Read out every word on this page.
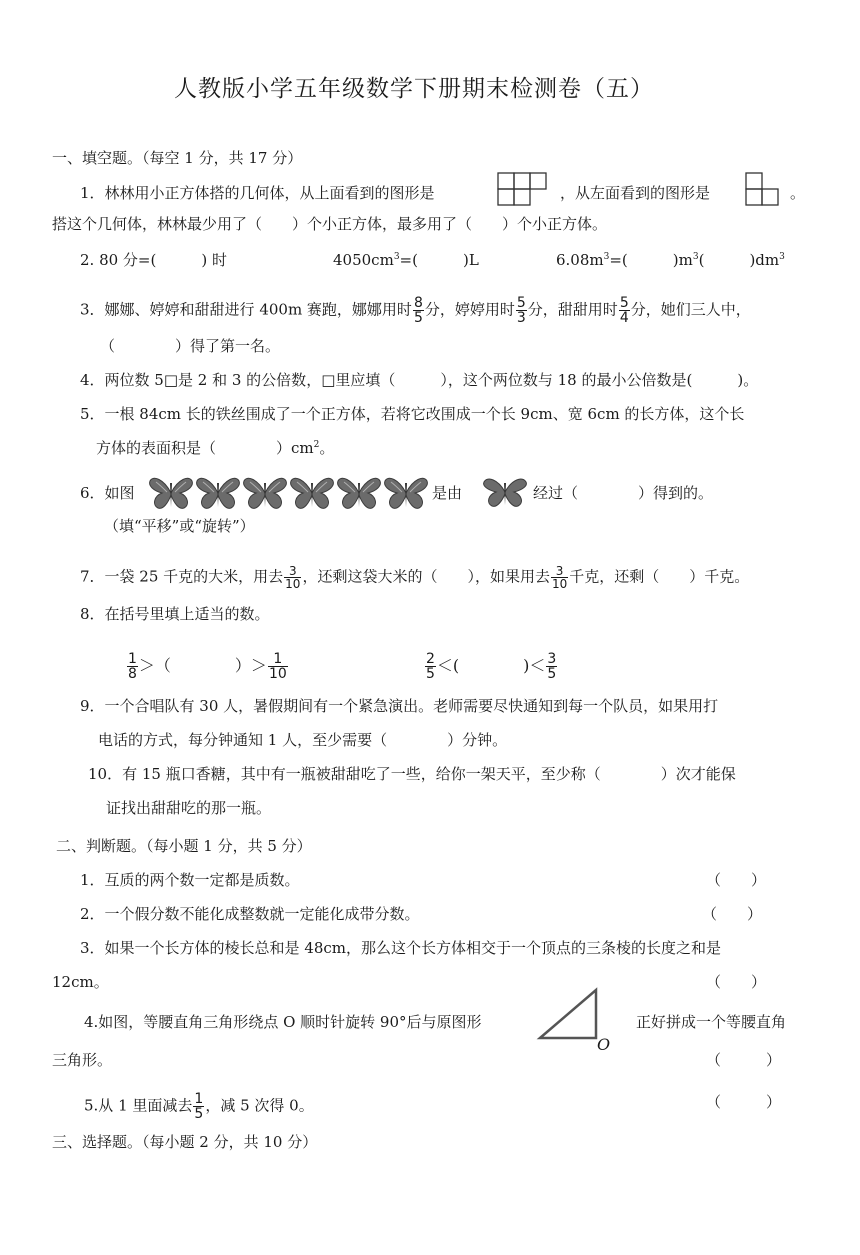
人教版小学五年级数学下册期末检测卷（五）
一、填空题。（每空 1 分，共 17 分）
1．林林用小正方体搭的几何体，从上面看到的图形是	，从左面看到的图形是	。
搭这个几何体，林林最少用了（　　）个小正方体，最多用了（　　）个小正方体。
2. 80 分=(　　　) 时	$4050cm^3=$(　　　)L	$6.08m^3=$(　　　)$m^3$(　　　)$dm^3$
3．娜娜、婷婷和甜甜进行 400m 赛跑，娜娜用时 $\frac{8}{5}$ 分，婷婷用时 $\frac{5}{3}$ 分，甜甜用时 $\frac{5}{4}$ 分，她们三人中，
（　　　　）得了第一名。
4．两位数 5□是 2 和 3 的公倍数，□里应填（　　　），这个两位数与 18 的最小公倍数是(　　　)。
5．一根 84cm 长的铁丝围成了一个正方体，若将它改围成一个长 9cm、宽 6cm 的长方体，这个长
方体的表面积是（　　　　）$cm^2$。
6．如图	是由	经过（　　　　）得到的。
（填“平移”或“旋转”）
7．一袋 25 千克的大米，用去 $\frac{3}{10}$ ，还剩这袋大米的（　　），如果用去 $\frac{3}{10}$ 千克，还剩（　　）千克。
8．在括号里填上适当的数。
$\frac{1}{8}$ ＞（　　　　）＞ $\frac{1}{10}$	$\frac{2}{5}$ ＜(　　　　)＜ $\frac{3}{5}$
9．一个合唱队有 30 人，暑假期间有一个紧急演出。老师需要尽快通知到每一个队员，如果用打
电话的方式，每分钟通知 1 人，至少需要（　　　　）分钟。
10．有 15 瓶口香糖，其中有一瓶被甜甜吃了一些，给你一架天平，至少称（　　　　）次才能保
证找出甜甜吃的那一瓶。
二、判断题。（每小题 1 分，共 5 分）
1．互质的两个数一定都是质数。	（　　）
2．一个假分数不能化成整数就一定能化成带分数。	（　　）
3．如果一个长方体的棱长总和是 48cm，那么这个长方体相交于一个顶点的三条棱的长度之和是
12cm。	（　　）
4.如图，等腰直角三角形绕点 O 顺时针旋转 90°后与原图形
O
正好拼成一个等腰直角
三角形。	（　　　）
5.从 1 里面减去 $\frac{1}{5}$ ，减 5 次得 0。	（　　　）
三、选择题。（每小题 2 分，共 10 分）
